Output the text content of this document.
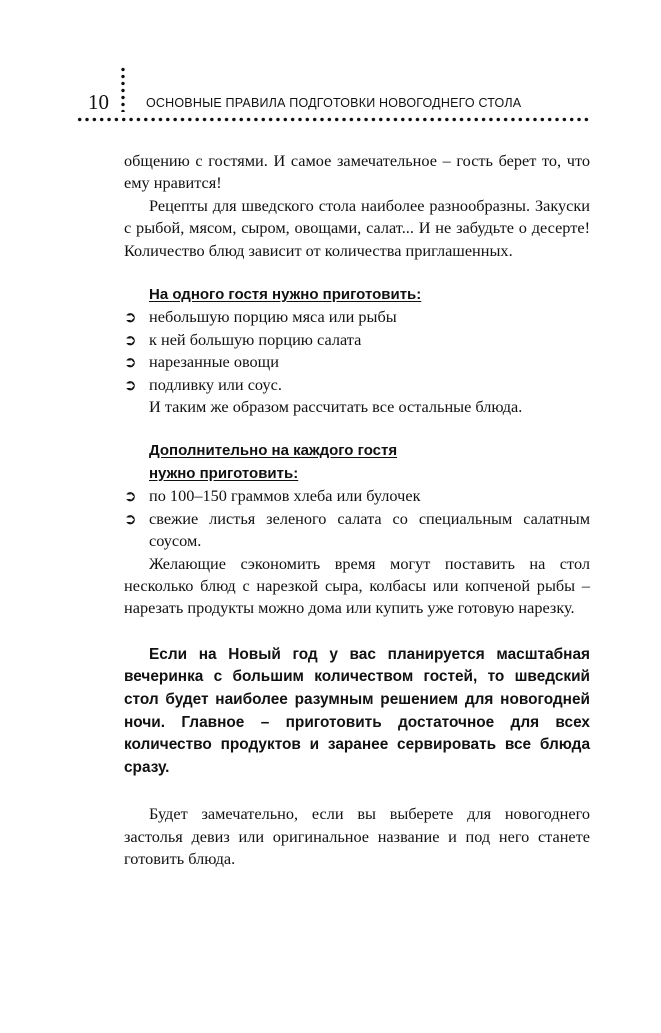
10	ОСНОВНЫЕ ПРАВИЛА ПОДГОТОВКИ НОВОГОДНЕГО СТОЛА

общению с гостями. И самое замечательное – гость берет то, что ему нравится!

Рецепты для шведского стола наиболее разнообразны. Закуски с рыбой, мясом, сыром, овощами, салат... И не забудьте о десерте! Количество блюд зависит от количества приглашенных.

На одного гостя нужно приготовить:

➲ небольшую порцию мяса или рыбы
➲ к ней большую порцию салата
➲ нарезанные овощи
➲ подливку или соус.

И таким же образом рассчитать все остальные блюда.

Дополнительно на каждого гостя

нужно приготовить:

➲ по 100–150 граммов хлеба или булочек
➲ свежие листья зеленого салата со специальным салатным соусом.

Желающие сэкономить время могут поставить на стол несколько блюд с нарезкой сыра, колбасы или копченой рыбы – нарезать продукты можно дома или купить уже готовую нарезку.

Если на Новый год у вас планируется масштабная вечеринка с большим количеством гостей, то шведский стол будет наиболее разумным решением для новогодней ночи. Главное – приготовить достаточное для всех количество продуктов и заранее сервировать все блюда сразу.

Будет замечательно, если вы выберете для новогоднего застолья девиз или оригинальное название и под него станете готовить блюда.
